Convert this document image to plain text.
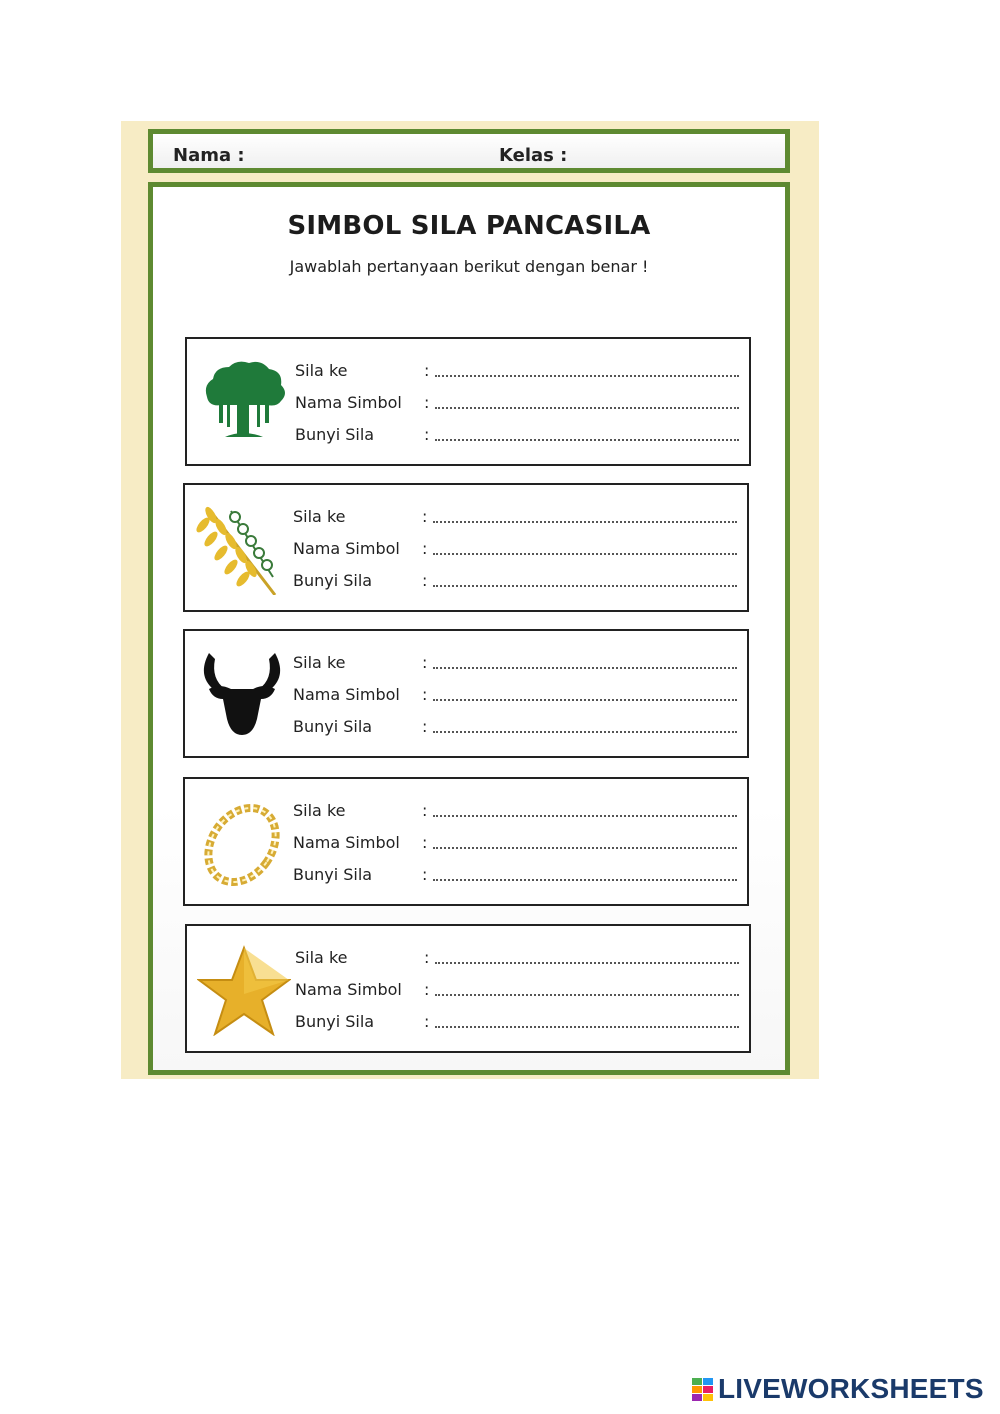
Nama :	Kelas :
SIMBOL SILA PANCASILA
Jawablah pertanyaan berikut dengan benar !
Sila ke	:
Nama Simbol :
Bunyi Sila	:
Sila ke	:
Nama Simbol :
Bunyi Sila	:
Sila ke	:
Nama Simbol :
Bunyi Sila	:
Sila ke	:
Nama Simbol :
Bunyi Sila	:
Sila ke	:
Nama Simbol :
Bunyi Sila	:
LIVEWORKSHEETS
